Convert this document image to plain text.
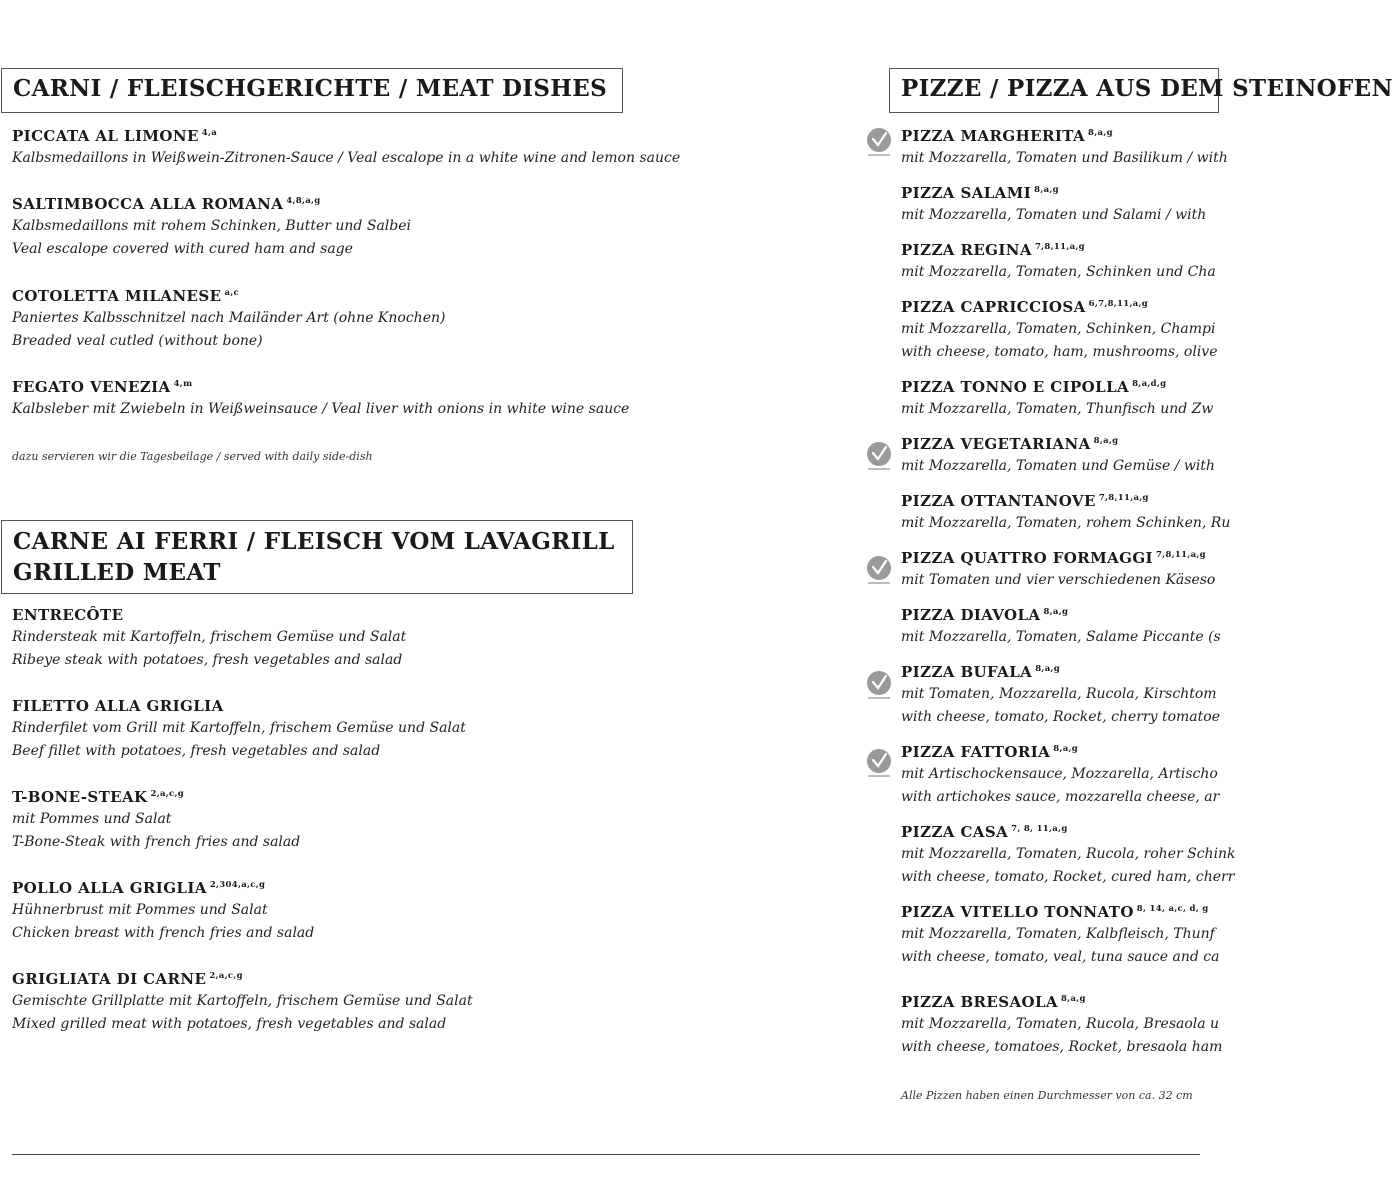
CARNI / FLEISCHGERICHTE / MEAT DISHES
CARNE AI FERRI / FLEISCH VOM LAVAGRILL
GRILLED MEAT
PIZZE / PIZZA AUS DEM STEINOFEN
PICCATA AL LIMONE $^{4,a}$
Kalbsmedaillons in Weißwein-Zitronen-Sauce / Veal escalope in a white wine and lemon sauce
SALTIMBOCCA ALLA ROMANA $^{4,8,a,g}$
Kalbsmedaillons mit rohem Schinken, Butter und Salbei
Veal escalope covered with cured ham and sage
COTOLETTA MILANESE $^{a,c}$
Paniertes Kalbsschnitzel nach Mailänder Art (ohne Knochen)
Breaded veal cutled (without bone)
FEGATO VENEZIA $^{4,m}$
Kalbsleber mit Zwiebeln in Weißweinsauce / Veal liver with onions in white wine sauce
dazu servieren wir die Tagesbeilage / served with daily side-dish
ENTRECÔTE
Rindersteak mit Kartoffeln, frischem Gemüse und Salat
Ribeye steak with potatoes, fresh vegetables and salad
FILETTO ALLA GRIGLIA
Rinderfilet vom Grill mit Kartoffeln, frischem Gemüse und Salat
Beef fillet with potatoes, fresh vegetables and salad
T-BONE-STEAK $^{2,a,c,g}$
mit Pommes und Salat
T-Bone-Steak with french fries and salad
POLLO ALLA GRIGLIA $^{2,304,a,c,g}$
Hühnerbrust mit Pommes und Salat
Chicken breast with french fries and salad
GRIGLIATA DI CARNE $^{2,a,c,g}$
Gemischte Grillplatte mit Kartoffeln, frischem Gemüse und Salat
Mixed grilled meat with potatoes, fresh vegetables and salad
PIZZA MARGHERITA $^{8,a,g}$
mit Mozzarella, Tomaten und Basilikum / with
PIZZA SALAMI $^{8,a,g}$
mit Mozzarella, Tomaten und Salami / with
PIZZA REGINA $^{7,8,11,a,g}$
mit Mozzarella, Tomaten, Schinken und Cha
PIZZA CAPRICCIOSA $^{6,7,8,11,a,g}$
mit Mozzarella, Tomaten, Schinken, Champi
with cheese, tomato, ham, mushrooms, olive
PIZZA TONNO E CIPOLLA $^{8,a,d,g}$
mit Mozzarella, Tomaten, Thunfisch und Zw
PIZZA VEGETARIANA $^{8,a,g}$
mit Mozzarella, Tomaten und Gemüse / with
PIZZA OTTANTANOVE $^{7,8,11,a,g}$
mit Mozzarella, Tomaten, rohem Schinken, Ru
PIZZA QUATTRO FORMAGGI $^{7,8,11,a,g}$
mit Tomaten und vier verschiedenen Käseso
PIZZA DIAVOLA $^{8,a,g}$
mit Mozzarella, Tomaten, Salame Piccante (s
PIZZA BUFALA $^{8,a,g}$
mit Tomaten, Mozzarella, Rucola, Kirschtom
with cheese, tomato, Rocket, cherry tomatoe
PIZZA FATTORIA $^{8,a,g}$
mit Artischockensauce, Mozzarella, Artischo
with artichokes sauce, mozzarella cheese, ar
PIZZA CASA $^{7, 8, 11,a,g}$
mit Mozzarella, Tomaten, Rucola, roher Schink
with cheese, tomato, Rocket, cured ham, cherr
PIZZA VITELLO TONNATO $^{8, 14, a,c, d, g}$
mit Mozzarella, Tomaten, Kalbfleisch, Thunf
with cheese, tomato, veal, tuna sauce and ca
PIZZA BRESAOLA $^{8,a,g}$
mit Mozzarella, Tomaten, Rucola, Bresaola u
with cheese, tomatoes, Rocket, bresaola ham
Alle Pizzen haben einen Durchmesser von ca. 32 cm
